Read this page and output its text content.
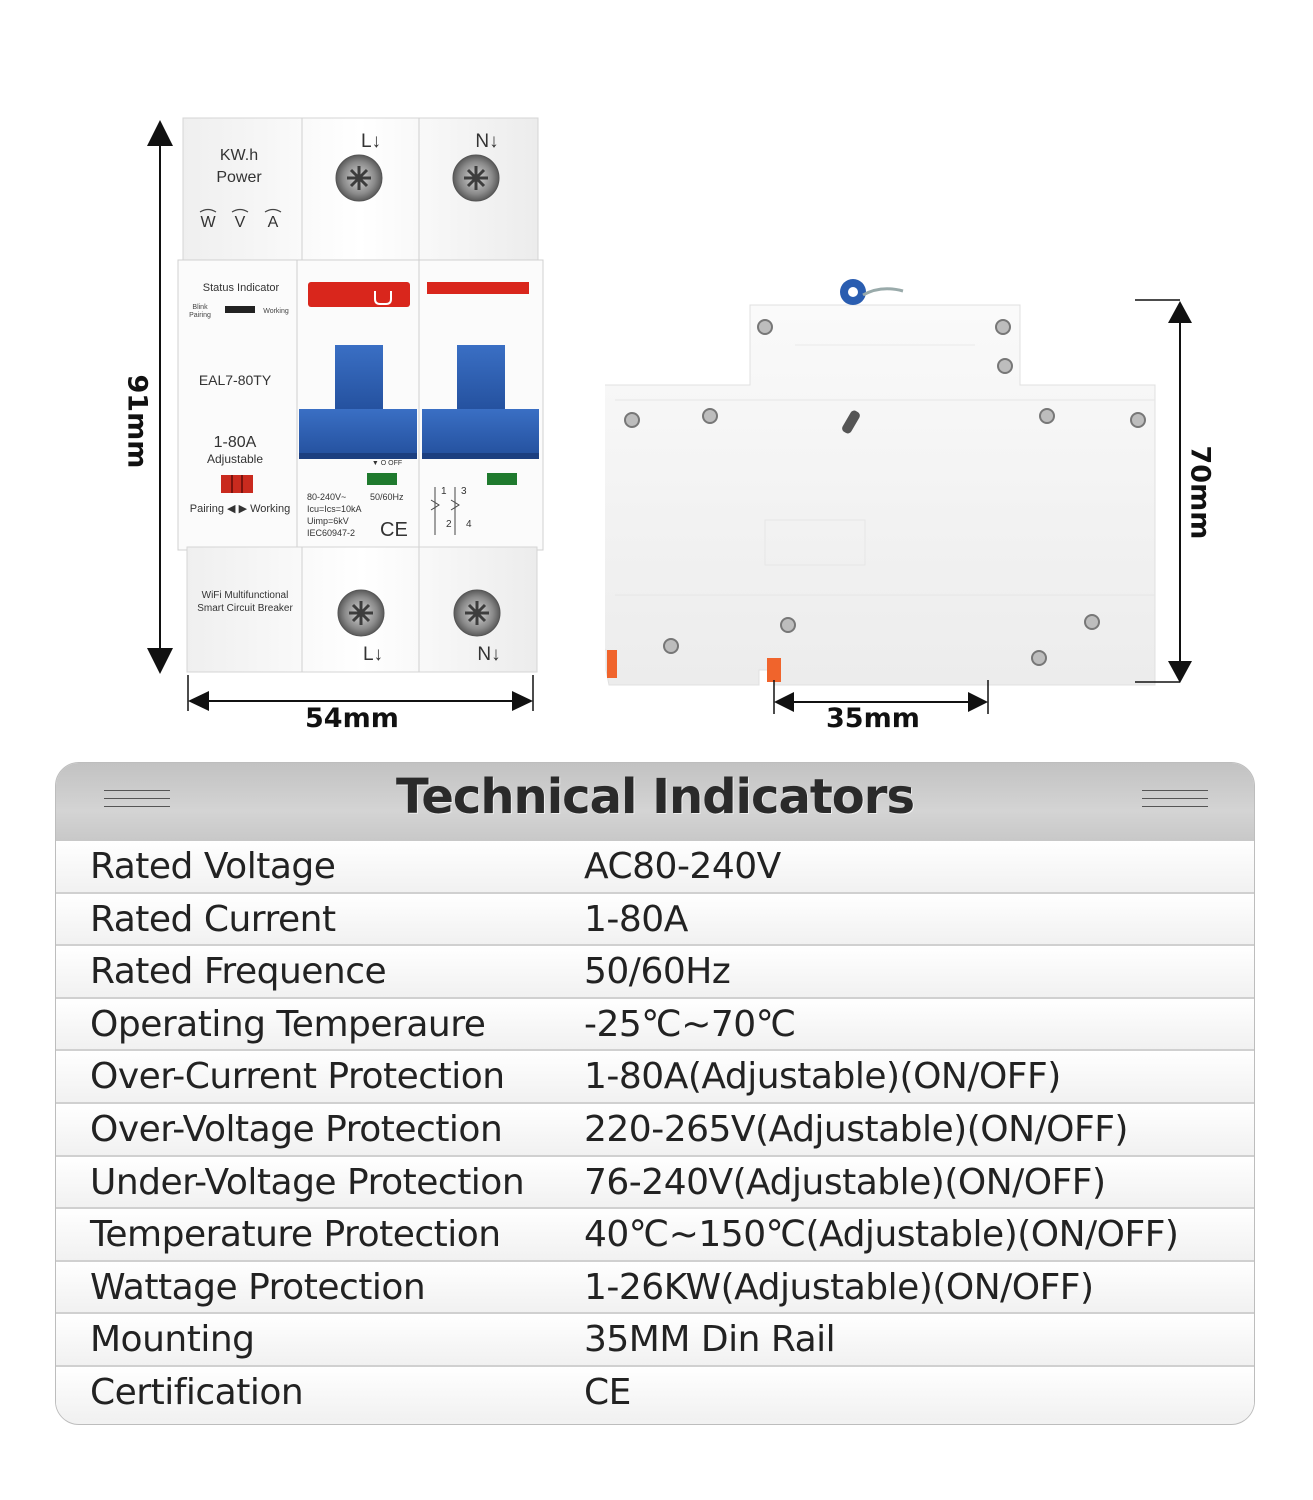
KW.h
Power
W V A
L↓	N↓
Status Indicator
Blink
Pairing
Working
EAL7-80TY
1-80A
Adjustable
Pairing ◀ ▶ Working
▼ O OFF
80-240V~
Icu=Ics=10kA
Uimp=6kV
IEC60947-2
50/60Hz
CE
1 3
2 4
WiFi Multifunctional
Smart Circuit Breaker
L↓	N↓
91mm
54mm
70mm
35mm
Technical Indicators
Rated Voltage	AC80-240V
Rated Current	1-80A
Rated Frequence	50/60Hz
Operating Temperaure	-25℃~70℃
Over-Current Protection 1-80A(Adjustable)(ON/OFF)
Over-Voltage Protection 220-265V(Adjustable)(ON/OFF)
Under-Voltage Protection 76-240V(Adjustable)(ON/OFF)
Temperature Protection 40℃~150℃(Adjustable)(ON/OFF)
Wattage Protection	1-26KW(Adjustable)(ON/OFF)
Mounting	35MM Din Rail
Certification	CE
